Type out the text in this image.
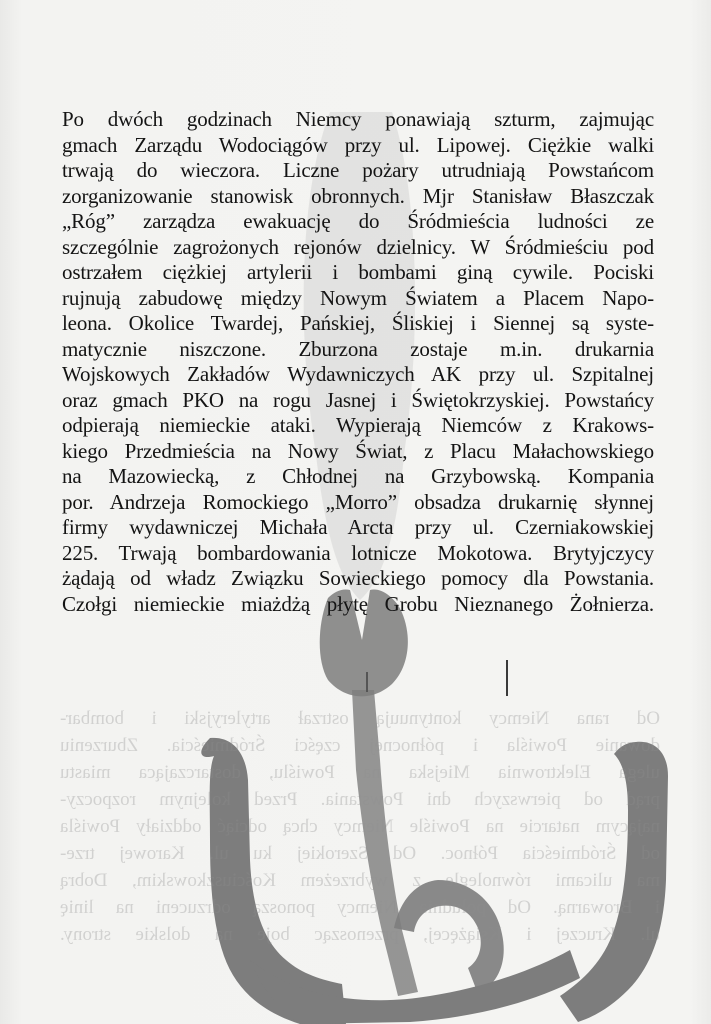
Od rana Niemcy kontynuują ostrzał artyleryjski i bombar-
dowanie Powiśla i północnej części Śródmieścia. Zburzeniu
ulega Elektrownia Miejska na Powiślu, dostarczająca miastu
prąd od pierwszych dni Powstania. Przed kolejnym rozpoczy-
nającym natarcie na Powiśle Niemcy chcą odciąć oddziały Powiśla
od Śródmieścia Północ. Od Szerokiej ku ul. Karowej trze-
ma ulicami równolegle z wybrzeżem Kościuszkowskim, Dobrą
i Browarną. Od południa Niemcy ponoszą odrzuceni na linię
ul. Kruczej i Książęcej, przenosząc boje na dolskie strony.
Po dwóch godzinach Niemcy ponawiają szturm, zajmując
gmach Zarządu Wodociągów przy ul. Lipowej. Ciężkie walki
trwają do wieczora. Liczne pożary utrudniają Powstańcom
zorganizowanie stanowisk obronnych. Mjr Stanisław Błaszczak
„Róg” zarządza ewakuację do Śródmieścia ludności ze
szczególnie zagrożonych rejonów dzielnicy. W Śródmieściu pod
ostrzałem ciężkiej artylerii i bombami giną cywile. Pociski
rujnują zabudowę między Nowym Światem a Placem Napo-
leona. Okolice Twardej, Pańskiej, Śliskiej i Siennej są syste-
matycznie niszczone. Zburzona zostaje m.in. drukarnia
Wojskowych Zakładów Wydawniczych AK przy ul. Szpitalnej
oraz gmach PKO na rogu Jasnej i Świętokrzyskiej. Powstańcy
odpierają niemieckie ataki. Wypierają Niemców z Krakows-
kiego Przedmieścia na Nowy Świat, z Placu Małachowskiego
na Mazowiecką, z Chłodnej na Grzybowską. Kompania
por. Andrzeja Romockiego „Morro” obsadza drukarnię słynnej
firmy wydawniczej Michała Arcta przy ul. Czerniakowskiej
225. Trwają bombardowania lotnicze Mokotowa. Brytyjczycy
żądają od władz Związku Sowieckiego pomocy dla Powstania.
Czołgi niemieckie miażdżą płytę Grobu Nieznanego Żołnierza.
